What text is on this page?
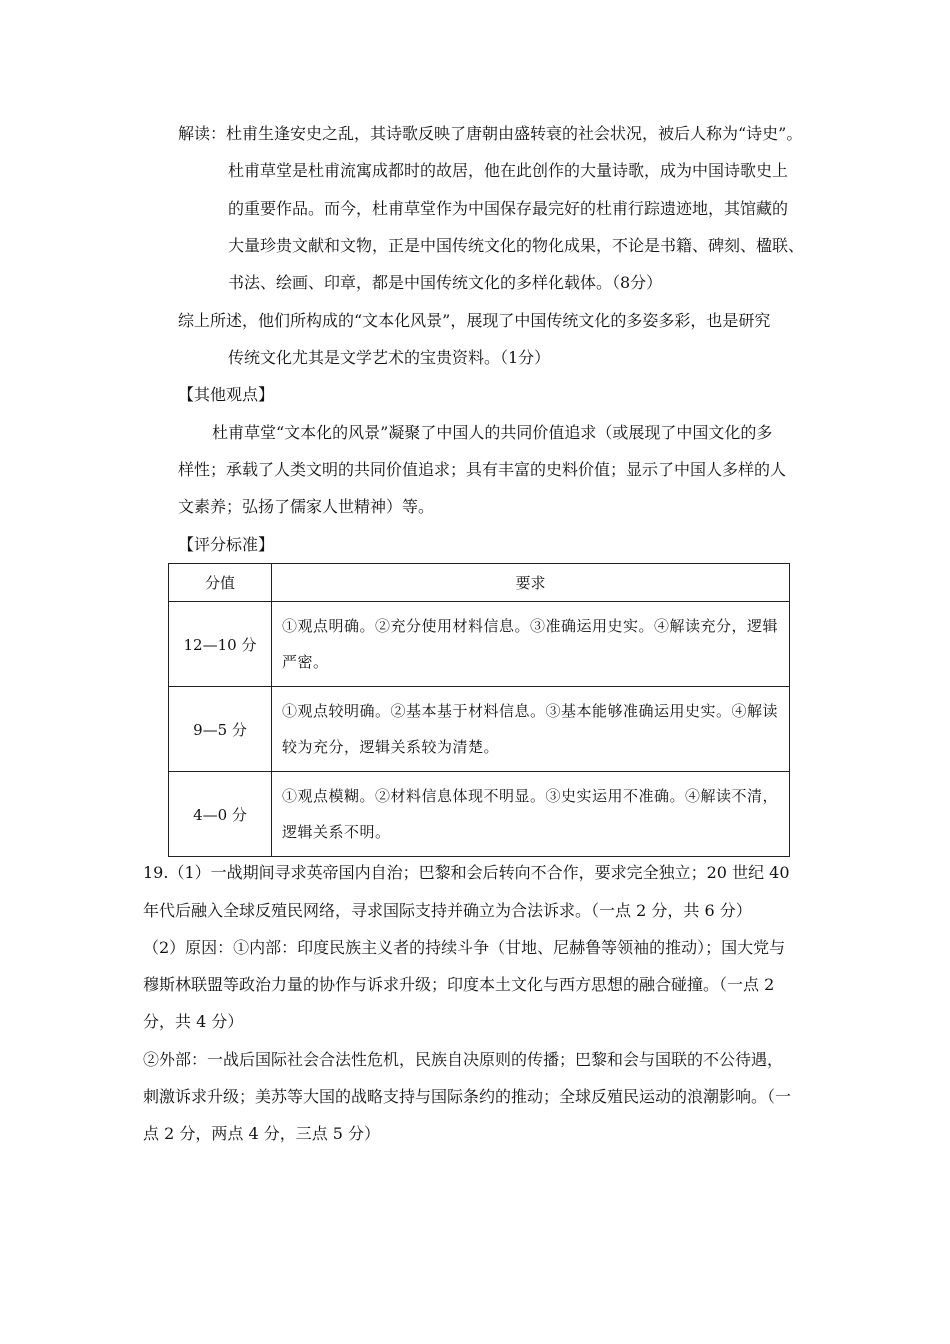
解读：杜甫生逢安史之乱，其诗歌反映了唐朝由盛转衰的社会状况，被后人称为“诗史”。
杜甫草堂是杜甫流寓成都时的故居，他在此创作的大量诗歌，成为中国诗歌史上
的重要作品。而今，杜甫草堂作为中国保存最完好的杜甫行踪遗迹地，其馆藏的
大量珍贵文献和文物，正是中国传统文化的物化成果，不论是书籍、碑刻、楹联、
书法、绘画、印章，都是中国传统文化的多样化载体。（8分）
综上所述，他们所构成的“文本化风景”，展现了中国传统文化的多姿多彩，也是研究
传统文化尤其是文学艺术的宝贵资料。（1分）
【其他观点】
杜甫草堂“文本化的风景”凝聚了中国人的共同价值追求（或展现了中国文化的多
样性；承载了人类文明的共同价值追求；具有丰富的史料价值；显示了中国人多样的人
文素养；弘扬了儒家人世精神）等。
【评分标准】
分值	要求
12—10 分	①观点明确。②充分使用材料信息。③准确运用史实。④解读充分，逻辑严密。
9—5 分	①观点较明确。②基本基于材料信息。③基本能够准确运用史实。④解读较为充分，逻辑关系较为清楚。
4—0 分	①观点模糊。②材料信息体现不明显。③史实运用不准确。④解读不清，逻辑关系不明。
19.（1）一战期间寻求英帝国内自治；巴黎和会后转向不合作，要求完全独立；20 世纪 40
年代后融入全球反殖民网络，寻求国际支持并确立为合法诉求。（一点 2 分，共 6 分）
（2）原因：①内部：印度民族主义者的持续斗争（甘地、尼赫鲁等领袖的推动）；国大党与
穆斯林联盟等政治力量的协作与诉求升级；印度本土文化与西方思想的融合碰撞。（一点 2
分，共 4 分）
②外部：一战后国际社会合法性危机，民族自决原则的传播；巴黎和会与国联的不公待遇，
刺激诉求升级；美苏等大国的战略支持与国际条约的推动；全球反殖民运动的浪潮影响。（一
点 2 分，两点 4 分，三点 5 分）
